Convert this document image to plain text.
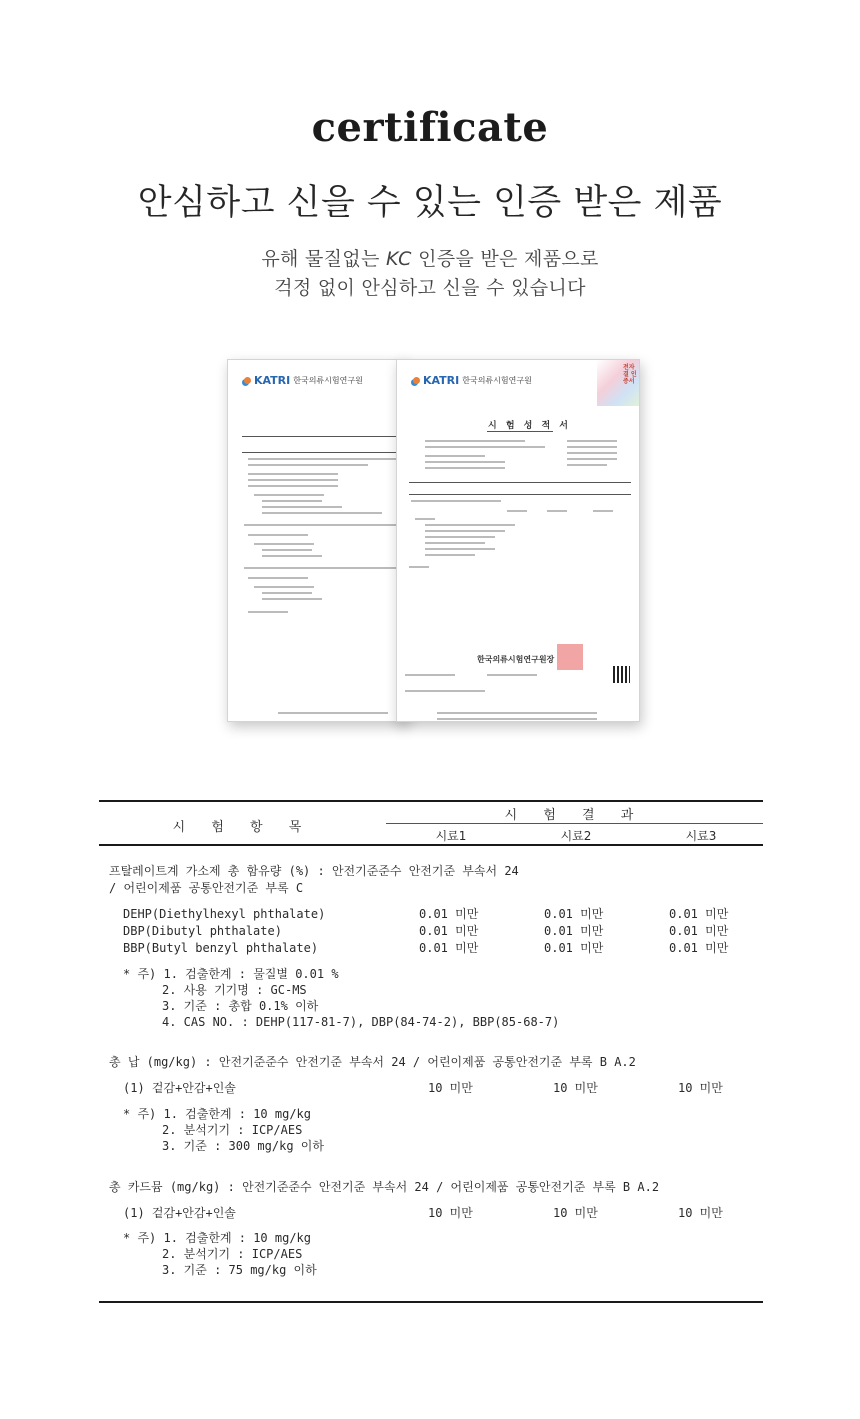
certificate
안심하고 신을 수 있는 인증 받은 제품
유해 물질없는 KC 인증을 받은 제품으로
걱정 없이 안심하고 신을 수 있습니다
KATRI 한국의류시험연구원
전자결 인증서
KATRI 한국의류시험연구원
시 험 성 적 서
한국의류시험연구원장
시 험 항 목
시 험 결 과
시료1	시료2	시료3
프탈레이트계 가소제 총 함유량 (%) : 안전기준준수 안전기준 부속서 24
/ 어린이제품 공통안전기준 부록 C
DEHP(Diethylhexyl phthalate)	0.01 미만	0.01 미만	0.01 미만
DBP(Dibutyl phthalate)	0.01 미만	0.01 미만	0.01 미만
BBP(Butyl benzyl phthalate)	0.01 미만	0.01 미만	0.01 미만
* 주) 1. 검출한계 : 물질별 0.01 %
2. 사용 기기명 : GC-MS
3. 기준 : 총합 0.1% 이하
4. CAS NO. : DEHP(117-81-7), DBP(84-74-2), BBP(85-68-7)
총 납 (mg/kg) : 안전기준준수 안전기준 부속서 24 / 어린이제품 공통안전기준 부록 B A.2
(1) 겉감+안감+인솔	10 미만	10 미만	10 미만
* 주) 1. 검출한계 : 10 mg/kg
2. 분석기기 : ICP/AES
3. 기준 : 300 mg/kg 이하
총 카드뮴 (mg/kg) : 안전기준준수 안전기준 부속서 24 / 어린이제품 공통안전기준 부록 B A.2
(1) 겉감+안감+인솔	10 미만	10 미만	10 미만
* 주) 1. 검출한계 : 10 mg/kg
2. 분석기기 : ICP/AES
3. 기준 : 75 mg/kg 이하
